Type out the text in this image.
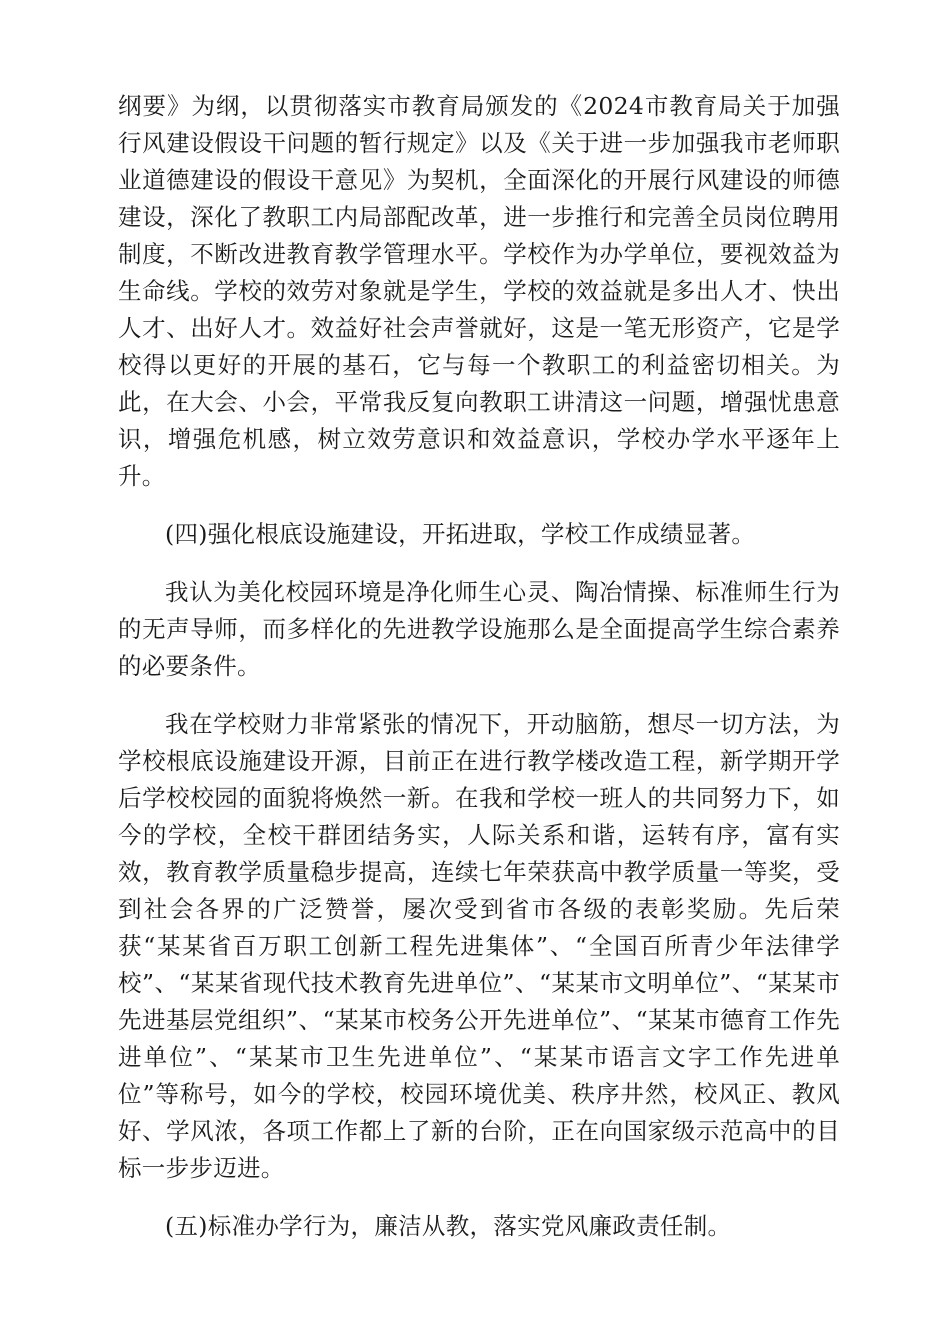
纲要》为纲，以贯彻落实市教育局颁发的《2024市教育局关于加强行风建设假设干问题的暂行规定》以及《关于进一步加强我市老师职业道德建设的假设干意见》为契机，全面深化的开展行风建设的师德建设，深化了教职工内局部配改革，进一步推行和完善全员岗位聘用制度，不断改进教育教学管理水平。学校作为办学单位，要视效益为生命线。学校的效劳对象就是学生，学校的效益就是多出人才、快出人才、出好人才。效益好社会声誉就好，这是一笔无形资产，它是学校得以更好的开展的基石，它与每一个教职工的利益密切相关。为此，在大会、小会，平常我反复向教职工讲清这一问题，增强忧患意识，增强危机感，树立效劳意识和效益意识，学校办学水平逐年上升。

(四)强化根底设施建设，开拓进取，学校工作成绩显著。

我认为美化校园环境是净化师生心灵、陶冶情操、标准师生行为的无声导师，而多样化的先进教学设施那么是全面提高学生综合素养的必要条件。

我在学校财力非常紧张的情况下，开动脑筋，想尽一切方法，为学校根底设施建设开源，目前正在进行教学楼改造工程，新学期开学后学校校园的面貌将焕然一新。在我和学校一班人的共同努力下，如今的学校，全校干群团结务实，人际关系和谐，运转有序，富有实效，教育教学质量稳步提高，连续七年荣获高中教学质量一等奖，受到社会各界的广泛赞誉，屡次受到省市各级的表彰奖励。先后荣获“某某省百万职工创新工程先进集体”、“全国百所青少年法律学校”、“某某省现代技术教育先进单位”、“某某市文明单位”、“某某市先进基层党组织”、“某某市校务公开先进单位”、“某某市德育工作先进单位”、“某某市卫生先进单位”、“某某市语言文字工作先进单位”等称号，如今的学校，校园环境优美、秩序井然，校风正、教风好、学风浓，各项工作都上了新的台阶，正在向国家级示范高中的目标一步步迈进。

(五)标准办学行为，廉洁从教，落实党风廉政责任制。
